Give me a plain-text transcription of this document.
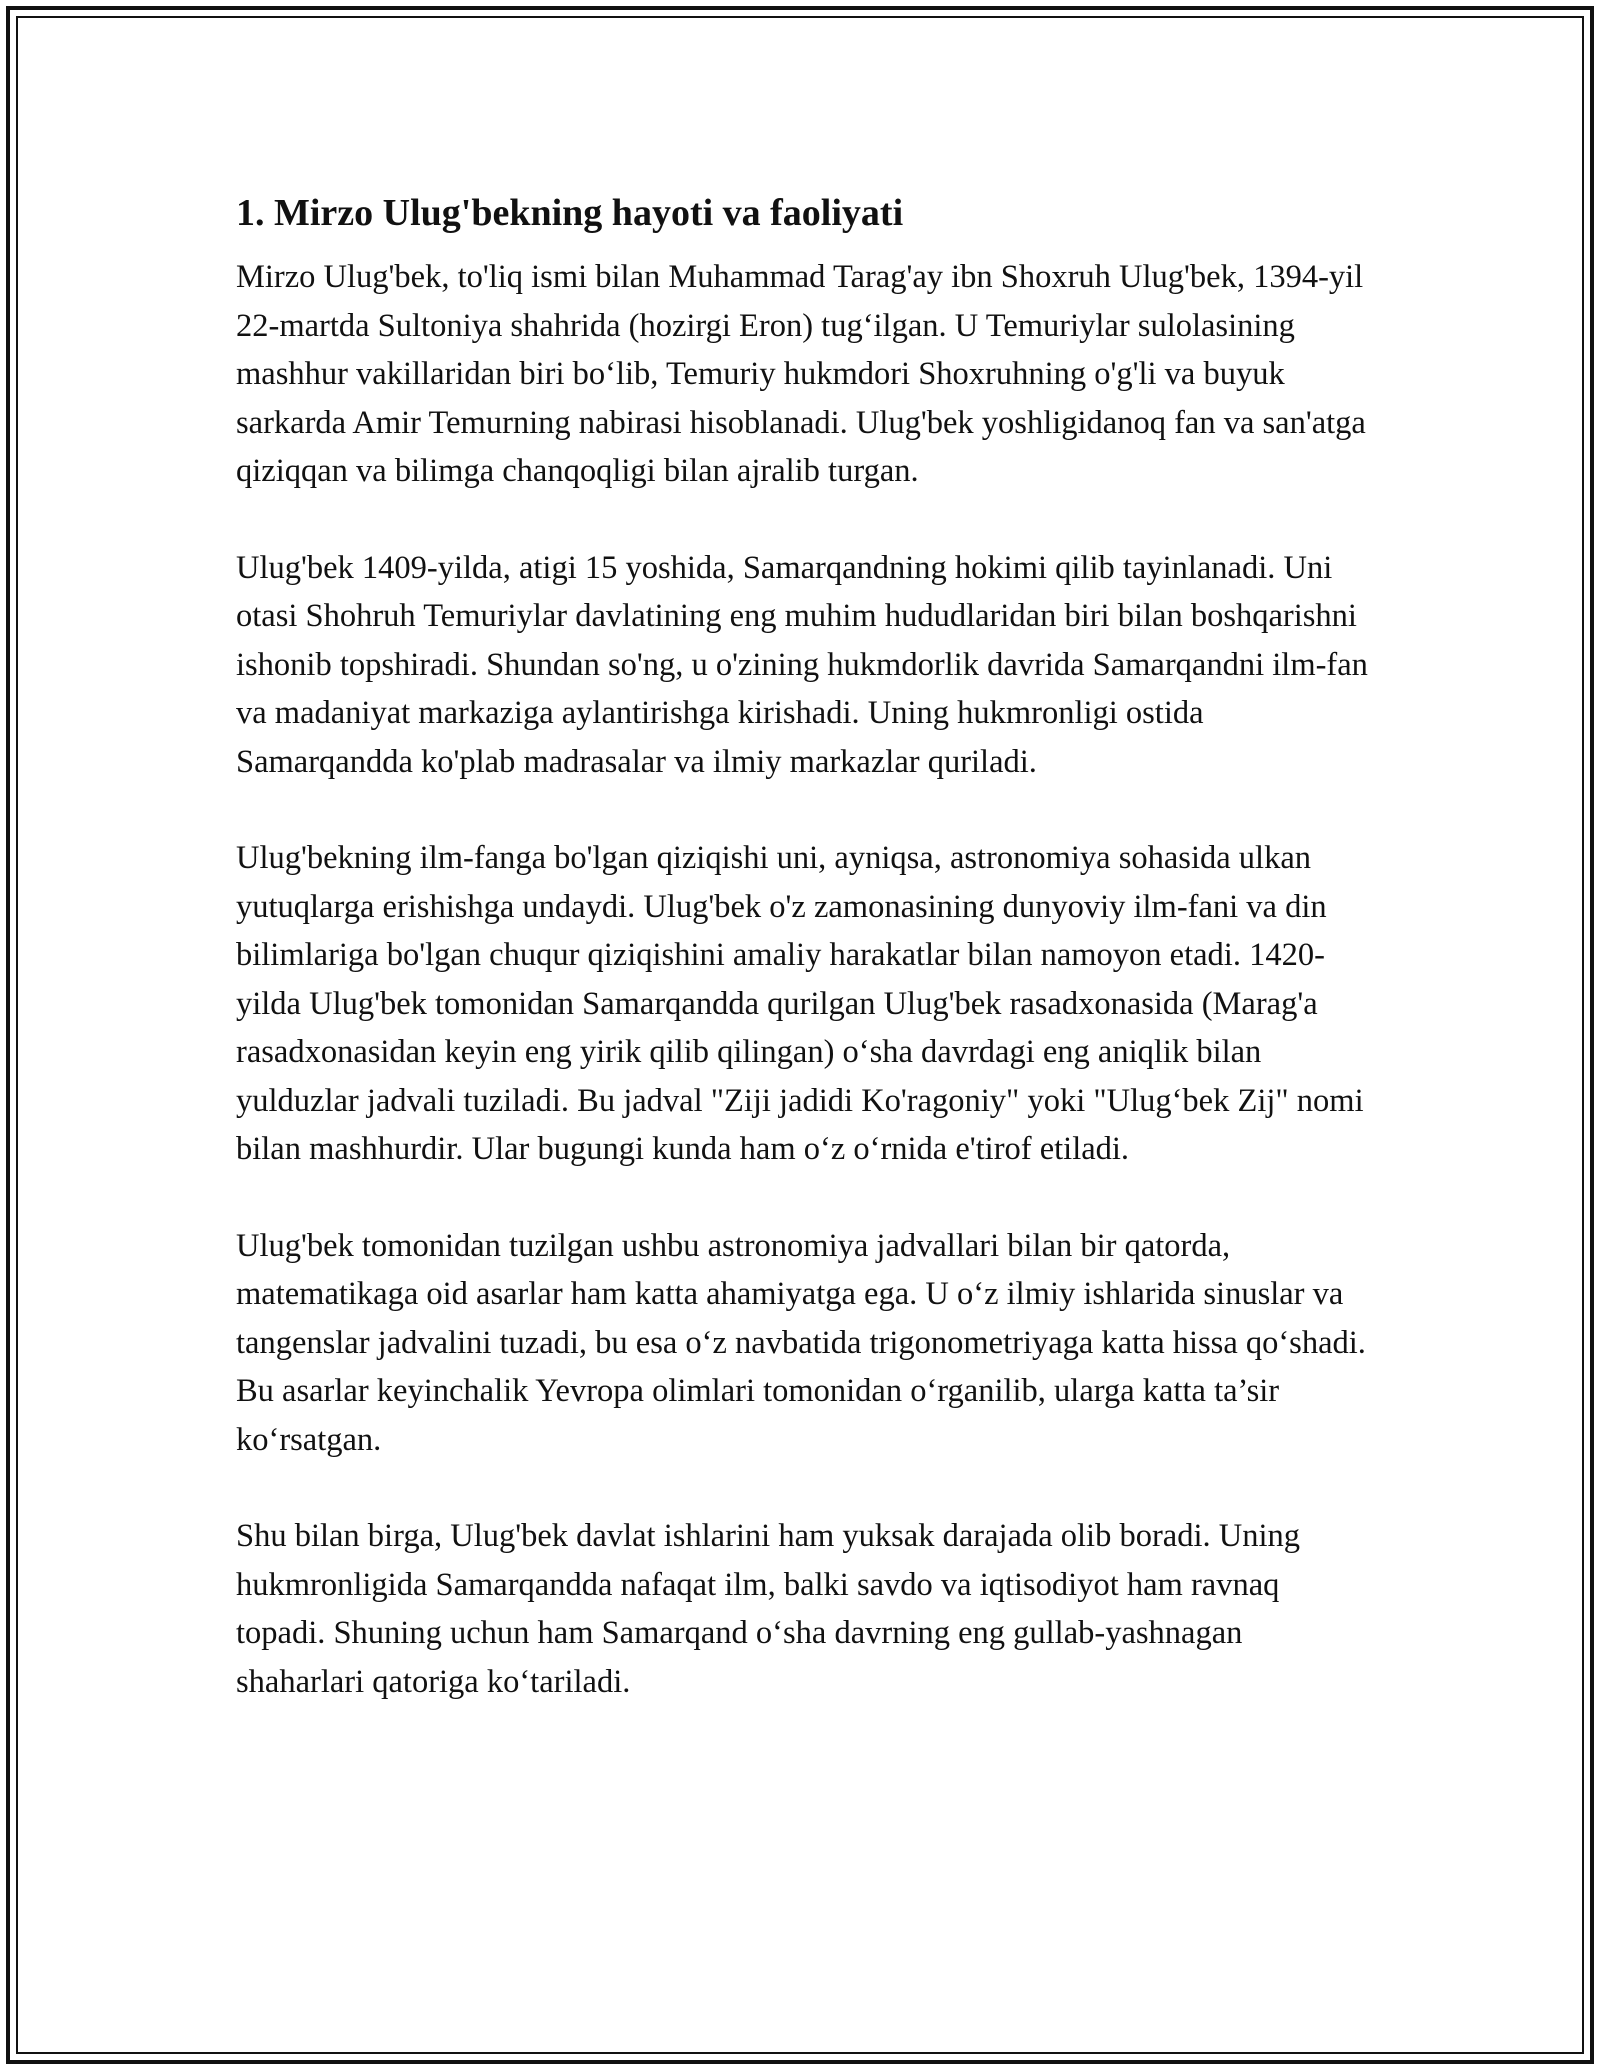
1. Mirzo Ulug'bekning hayoti va faoliyati

Mirzo Ulug'bek, to'liq ismi bilan Muhammad Tarag'ay ibn Shoxruh Ulug'bek, 1394-yil 22-martda Sultoniya shahrida (hozirgi Eron) tug‘ilgan. U Temuriylar sulolasining mashhur vakillaridan biri bo‘lib, Temuriy hukmdori Shoxruhning o'g'li va buyuk sarkarda Amir Temurning nabirasi hisoblanadi. Ulug'bek yoshligidanoq fan va san'atga qiziqqan va bilimga chanqoqligi bilan ajralib turgan.

Ulug'bek 1409-yilda, atigi 15 yoshida, Samarqandning hokimi qilib tayinlanadi. Uni otasi Shohruh Temuriylar davlatining eng muhim hududlaridan biri bilan boshqarishni ishonib topshiradi. Shundan so'ng, u o'zining hukmdorlik davrida Samarqandni ilm-fan va madaniyat markaziga aylantirishga kirishadi. Uning hukmronligi ostida Samarqandda ko'plab madrasalar va ilmiy markazlar quriladi.

Ulug'bekning ilm-fanga bo'lgan qiziqishi uni, ayniqsa, astronomiya sohasida ulkan yutuqlarga erishishga undaydi. Ulug'bek o'z zamonasining dunyoviy ilm-fani va din bilimlariga bo'lgan chuqur qiziqishini amaliy harakatlar bilan namoyon etadi. 1420-yilda Ulug'bek tomonidan Samarqandda qurilgan Ulug'bek rasadxonasida (Marag'a rasadxonasidan keyin eng yirik qilib qilingan) o‘sha davrdagi eng aniqlik bilan yulduzlar jadvali tuziladi. Bu jadval "Ziji jadidi Ko'ragoniy" yoki "Ulug‘bek Zij" nomi bilan mashhurdir. Ular bugungi kunda ham o‘z o‘rnida e'tirof etiladi.

Ulug'bek tomonidan tuzilgan ushbu astronomiya jadvallari bilan bir qatorda, matematikaga oid asarlar ham katta ahamiyatga ega. U o‘z ilmiy ishlarida sinuslar va tangenslar jadvalini tuzadi, bu esa o‘z navbatida trigonometriyaga katta hissa qo‘shadi. Bu asarlar keyinchalik Yevropa olimlari tomonidan o‘rganilib, ularga katta ta’sir ko‘rsatgan.

Shu bilan birga, Ulug'bek davlat ishlarini ham yuksak darajada olib boradi. Uning hukmronligida Samarqandda nafaqat ilm, balki savdo va iqtisodiyot ham ravnaq topadi. Shuning uchun ham Samarqand o‘sha davrning eng gullab-yashnagan shaharlari qatoriga ko‘tariladi.
